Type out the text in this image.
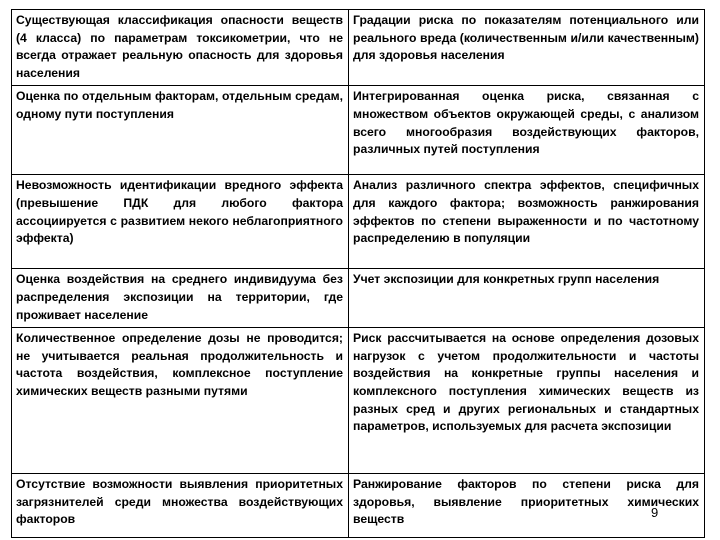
Существующая классификация опасности веществ (4 класса) по параметрам токсикометрии, что не всегда отражает реальную опасность для здоровья населения	Градации риска по показателям потенциального или реального вреда (количественным и/или качественным) для здоровья населения
Оценка по отдельным факторам, отдельным средам, одному пути поступления	Интегрированная оценка риска, связанная с множеством объектов окружающей среды, с анализом всего многообразия воздействующих факторов, различных путей поступления
Невозможность идентификации вредного эффекта (превышение ПДК для любого фактора ассоциируется с развитием некого неблагоприятного эффекта)	Анализ различного спектра эффектов, специфичных для каждого фактора; возможность ранжирования эффектов по степени выраженности и по частотному распределению в популяции
Оценка воздействия на среднего индивидуума без распределения экспозиции на территории, где проживает население	Учет экспозиции для конкретных групп населения
Количественное определение дозы не проводится; не учитывается реальная продолжительность и частота воздействия, комплексное поступление химических веществ разными путями	Риск рассчитывается на основе определения дозовых нагрузок с учетом продолжительности и частоты воздействия на конкретные группы населения и комплексного поступления химических веществ из разных сред и других региональных и стандартных параметров, используемых для расчета экспозиции
Отсутствие возможности выявления приоритетных загрязнителей среди множества воздействующих факторов	Ранжирование факторов по степени риска для здоровья, выявление приоритетных химических веществ	9
